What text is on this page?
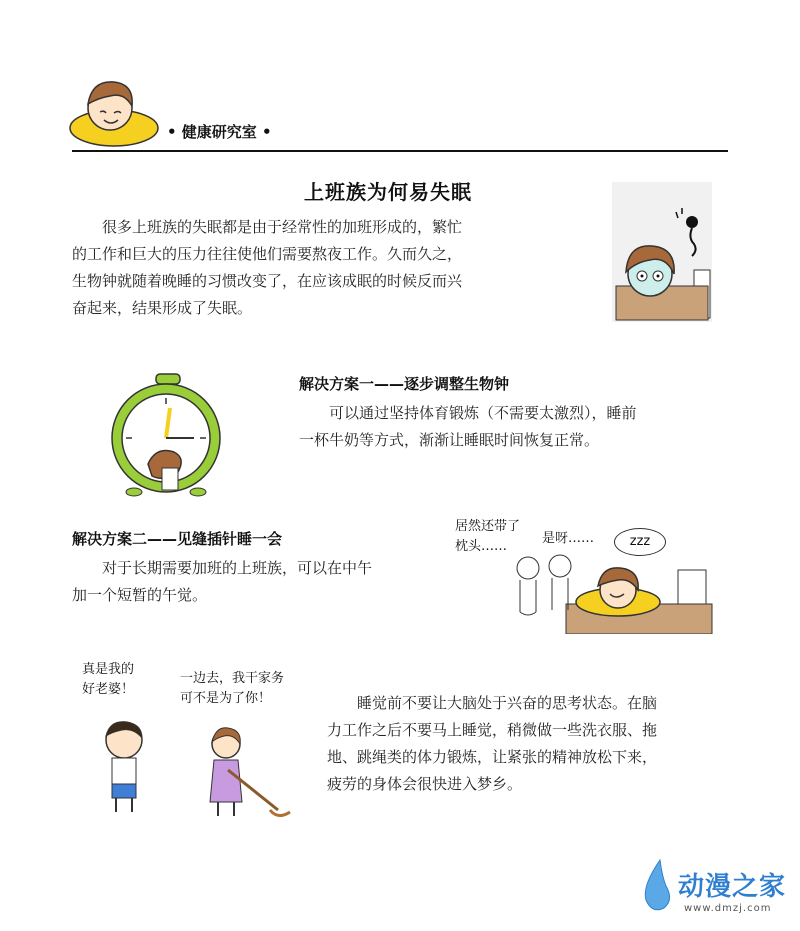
• 健康研究室 •
上班族为何易失眠
很多上班族的失眠都是由于经常性的加班形成的，繁忙
的工作和巨大的压力往往使他们需要熬夜工作。久而久之，
生物钟就随着晚睡的习惯改变了，在应该成眠的时候反而兴
奋起来，结果形成了失眠。
解决方案一——逐步调整生物钟
可以通过坚持体育锻炼（不需要太激烈），睡前
一杯牛奶等方式，渐渐让睡眠时间恢复正常。
解决方案二——见缝插针睡一会
对于长期需要加班的上班族，可以在中午
加一个短暂的午觉。
居然还带了
枕头……
是呀……	zzz
真是我的
好老婆！
一边去，我干家务
可不是为了你！	睡觉前不要让大脑处于兴奋的思考状态。在脑
力工作之后不要马上睡觉，稍微做一些洗衣服、拖
地、跳绳类的体力锻炼，让紧张的精神放松下来，
疲劳的身体会很快进入梦乡。
动漫之家
www.dmzj.com
